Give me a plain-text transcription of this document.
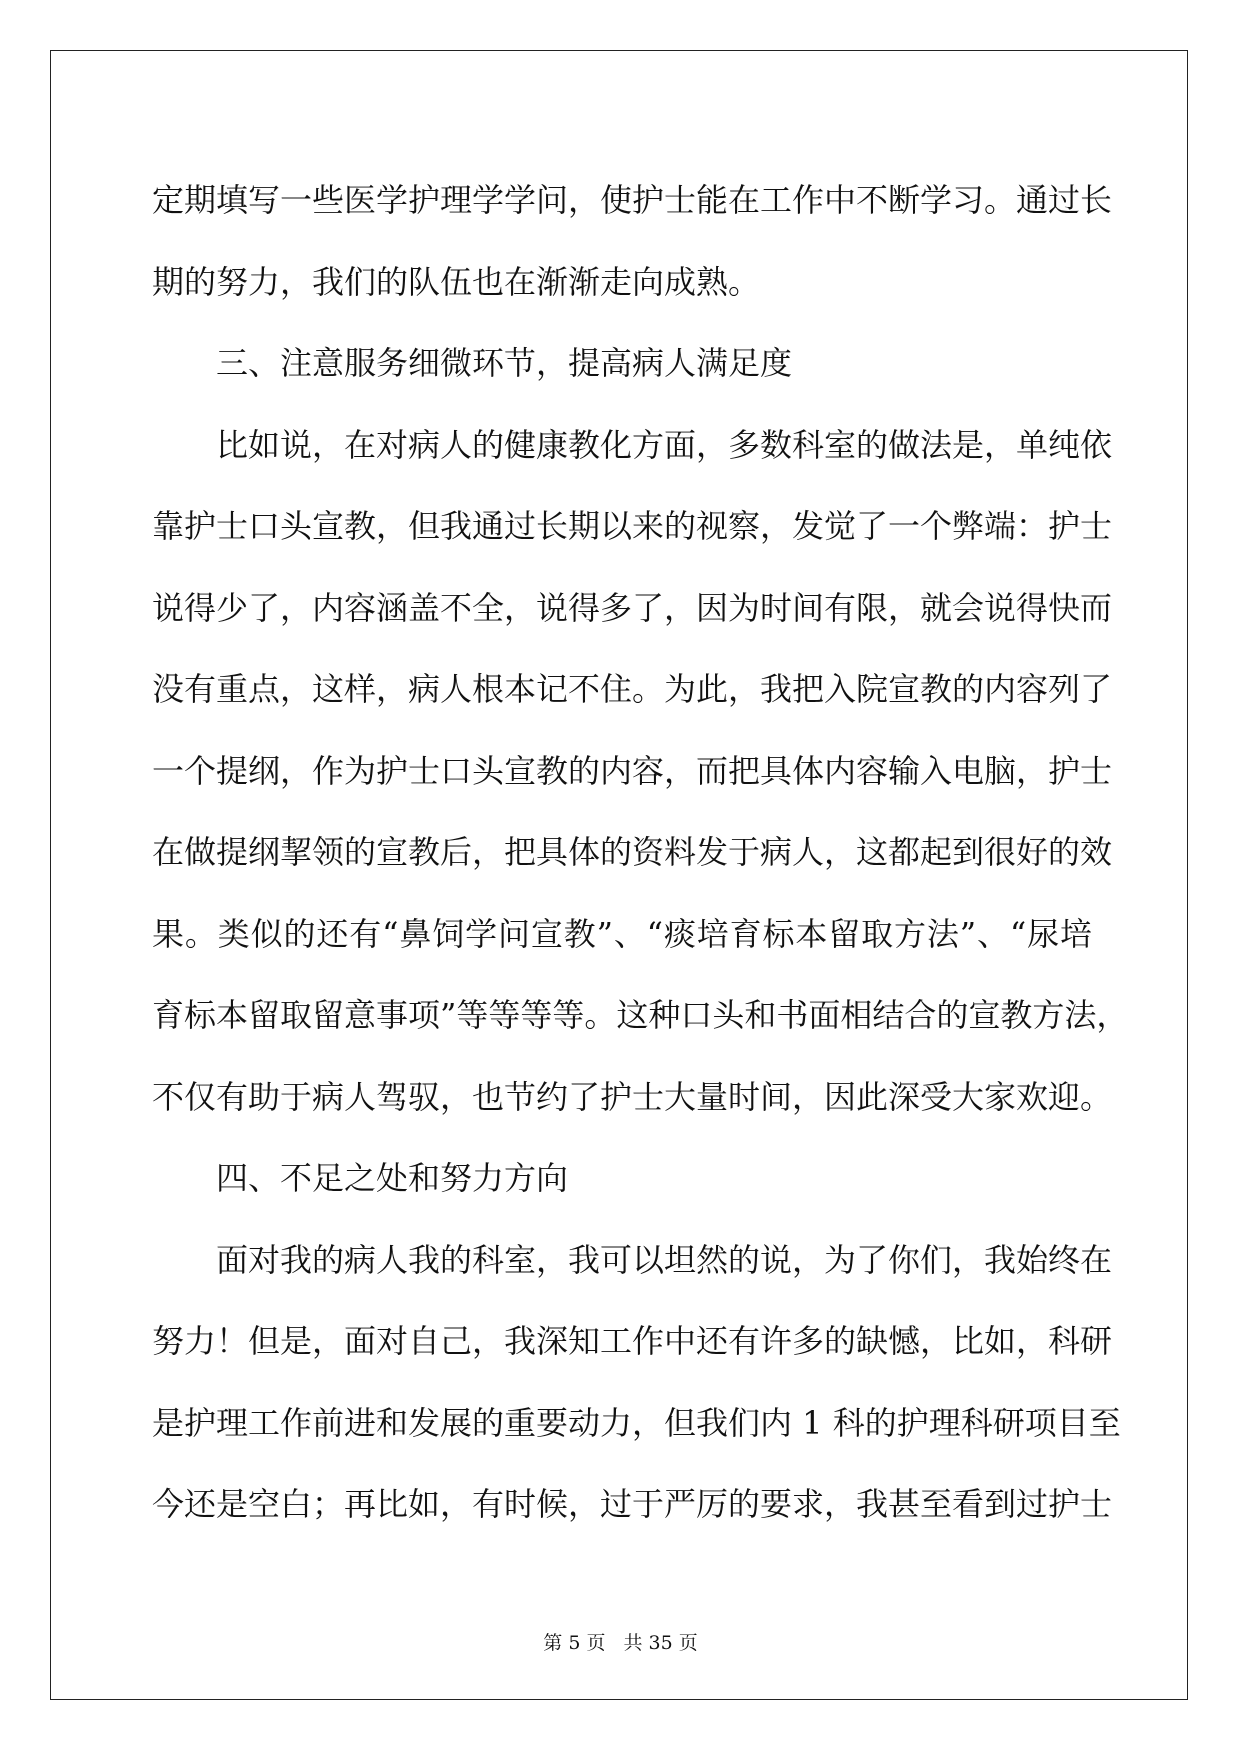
定期填写一些医学护理学学问，使护士能在工作中不断学习。通过长
期的努力，我们的队伍也在渐渐走向成熟。
三、注意服务细微环节，提高病人满足度
比如说，在对病人的健康教化方面，多数科室的做法是，单纯依
靠护士口头宣教，但我通过长期以来的视察，发觉了一个弊端：护士
说得少了，内容涵盖不全，说得多了，因为时间有限，就会说得快而
没有重点，这样，病人根本记不住。为此，我把入院宣教的内容列了
一个提纲，作为护士口头宣教的内容，而把具体内容输入电脑，护士
在做提纲挈领的宣教后，把具体的资料发于病人，这都起到很好的效
果。类似的还有“鼻饲学问宣教”、“痰培育标本留取方法”、“尿培
育标本留取留意事项”等等等等。这种口头和书面相结合的宣教方法，
不仅有助于病人驾驭，也节约了护士大量时间，因此深受大家欢迎。
四、不足之处和努力方向
面对我的病人我的科室，我可以坦然的说，为了你们，我始终在
努力！但是，面对自己，我深知工作中还有许多的缺憾，比如，科研
是护理工作前进和发展的重要动力，但我们内 1 科的护理科研项目至
今还是空白；再比如，有时候，过于严厉的要求，我甚至看到过护士
第 5 页 共 35 页
